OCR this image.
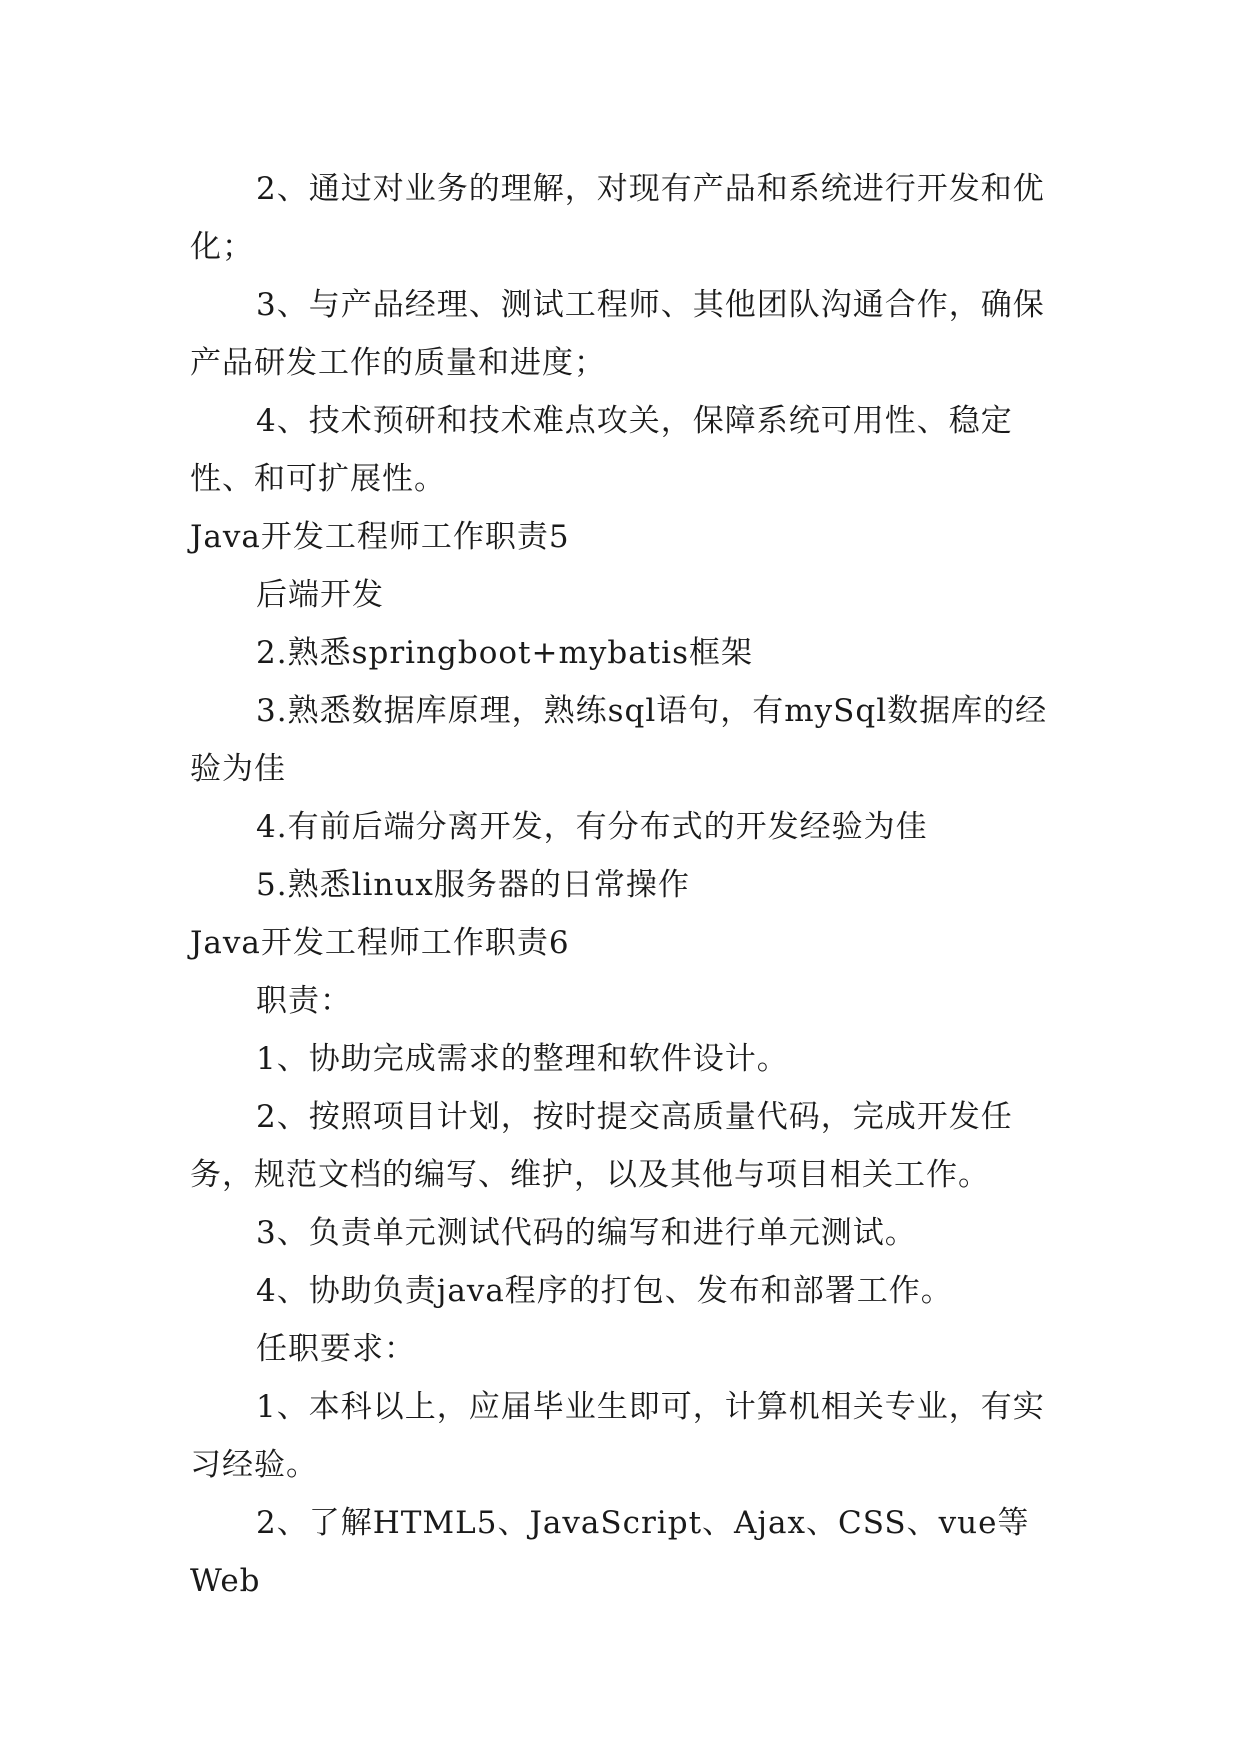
2、通过对业务的理解，对现有产品和系统进行开发和优化；

3、与产品经理、测试工程师、其他团队沟通合作，确保产品研发工作的质量和进度；

4、技术预研和技术难点攻关，保障系统可用性、稳定性、和可扩展性。

Java开发工程师工作职责5

后端开发

2.熟悉springboot+mybatis框架

3.熟悉数据库原理，熟练sql语句，有mySql数据库的经验为佳

4.有前后端分离开发，有分布式的开发经验为佳

5.熟悉linux服务器的日常操作

Java开发工程师工作职责6

职责：

1、协助完成需求的整理和软件设计。

2、按照项目计划，按时提交高质量代码，完成开发任务，规范文档的编写、维护，以及其他与项目相关工作。

3、负责单元测试代码的编写和进行单元测试。

4、协助负责java程序的打包、发布和部署工作。

任职要求：

1、本科以上，应届毕业生即可，计算机相关专业，有实习经验。

2、了解HTML5、JavaScript、Ajax、CSS、vue等Web
